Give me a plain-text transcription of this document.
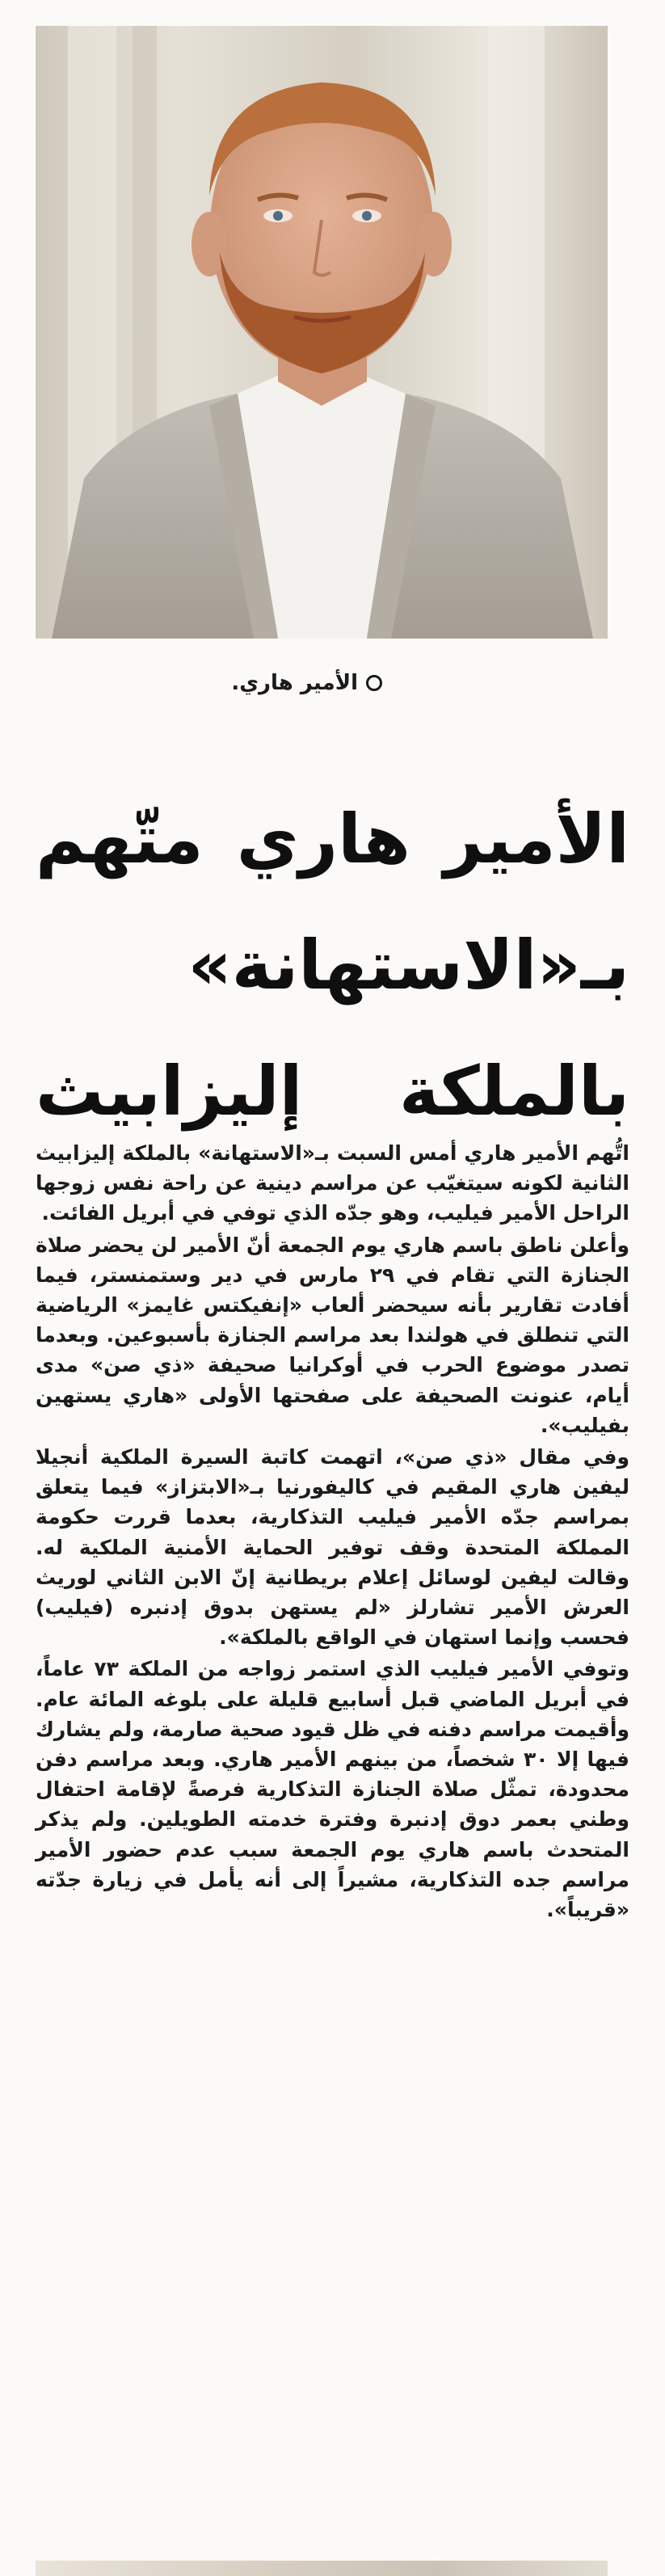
الأمير هاري.
الأمير هاري متّهم
بـ«الاستهانة»
بالملكة إليزابيث

اتُّهم الأمير هاري أمس السبت بـ«الاستهانة» بالملكة إليزابيث الثانية لكونه سيتغيّب عن مراسم دينية عن راحة نفس زوجها الراحل الأمير فيليب، وهو جدّه الذي توفي في أبريل الفائت.

وأعلن ناطق باسم هاري يوم الجمعة أنّ الأمير لن يحضر صلاة الجنازة التي تقام في ٢٩ مارس في دير وستمنستر، فيما أفادت تقارير بأنه سيحضر ألعاب «إنفيكتس غايمز» الرياضية التي تنطلق في هولندا بعد مراسم الجنازة بأسبوعين. وبعدما تصدر موضوع الحرب في أوكرانيا صحيفة «ذي صن» مدى أيام، عنونت الصحيفة على صفحتها الأولى «هاري يستهين بفيليب».

وفي مقال «ذي صن»، اتهمت كاتبة السيرة الملكية أنجيلا ليفين هاري المقيم في كاليفورنيا بـ«الابتزاز» فيما يتعلق بمراسم جدّه الأمير فيليب التذكارية، بعدما قررت حكومة المملكة المتحدة وقف توفير الحماية الأمنية الملكية له. وقالت ليفين لوسائل إعلام بريطانية إنّ الابن الثاني لوريث العرش الأمير تشارلز «لم يستهن بدوق إدنبره (فيليب) فحسب وإنما استهان في الواقع بالملكة».

وتوفي الأمير فيليب الذي استمر زواجه من الملكة ٧٣ عاماً، في أبريل الماضي قبل أسابيع قليلة على بلوغه المائة عام. وأقيمت مراسم دفنه في ظل قيود صحية صارمة، ولم يشارك فيها إلا ٣٠ شخصاً، من بينهم الأمير هاري. وبعد مراسم دفن محدودة، تمثّل صلاة الجنازة التذكارية فرصةً لإقامة احتفال وطني بعمر دوق إدنبرة وفترة خدمته الطويلين. ولم يذكر المتحدث باسم هاري يوم الجمعة سبب عدم حضور الأمير مراسم جده التذكارية، مشيراً إلى أنه يأمل في زيارة جدّته «قريباً».
